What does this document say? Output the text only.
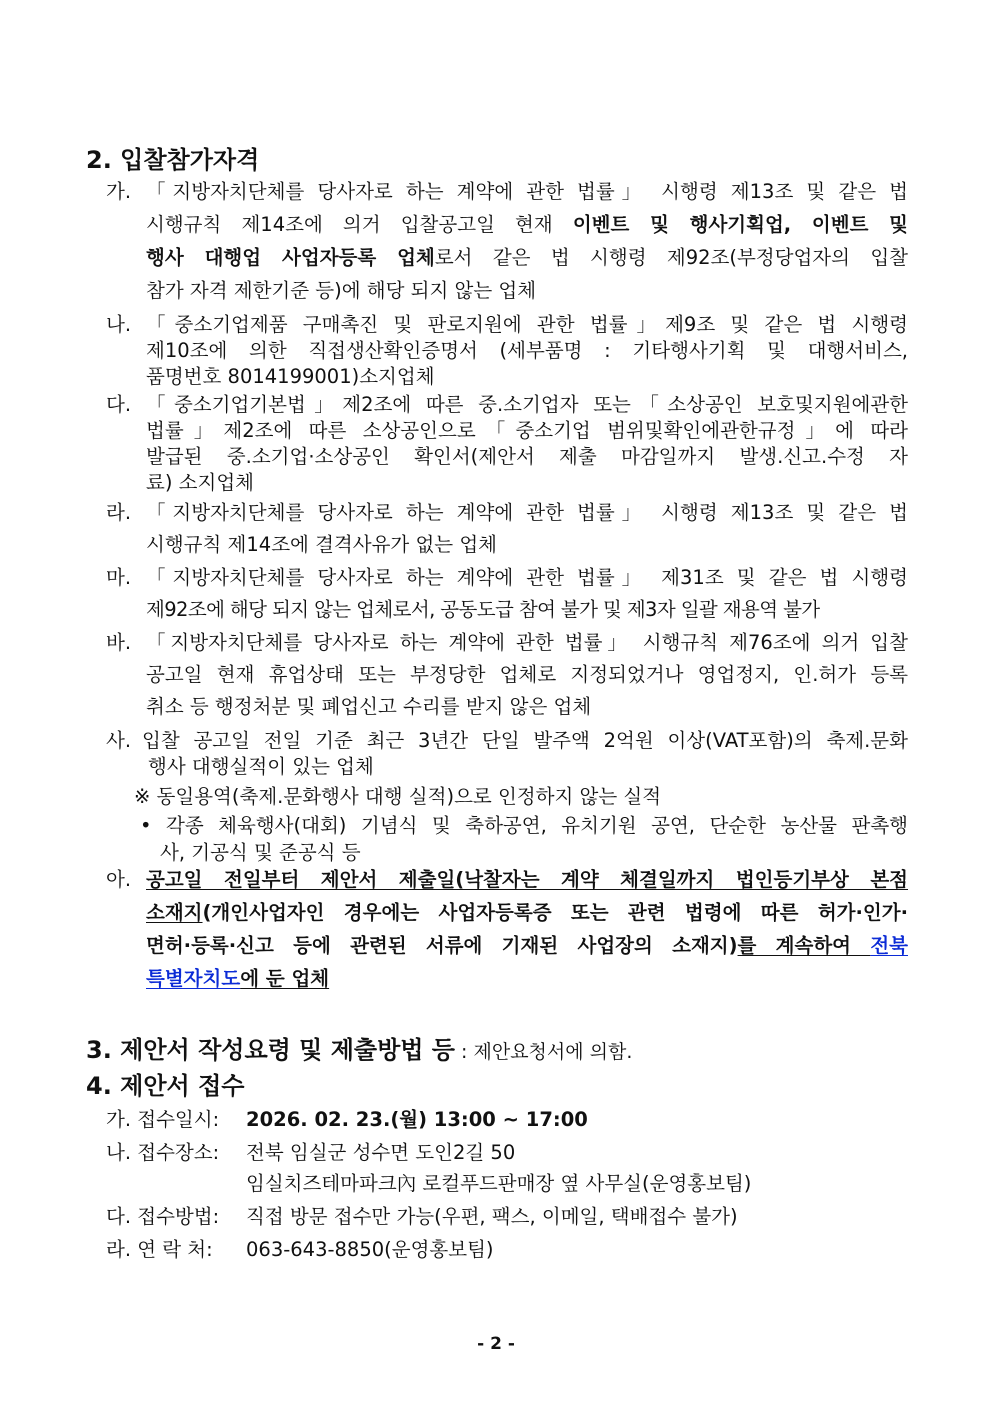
2. 입찰참가자격
가. 「지방자치단체를 당사자로 하는 계약에 관한 법률」 시행령 제13조 및 같은 법
시행규칙 제14조에 의거 입찰공고일 현재 이벤트 및 행사기획업, 이벤트 및
행사 대행업 사업자등록 업체로서 같은 법 시행령 제92조(부정당업자의 입찰
참가 자격 제한기준 등)에 해당 되지 않는 업체
나. 「중소기업제품 구매촉진 및 판로지원에 관한 법률」제9조 및 같은 법 시행령
제10조에 의한 직접생산확인증명서 (세부품명 : 기타행사기획 및 대행서비스,
품명번호 8014199001)소지업체
다. 「중소기업기본법」제2조에 따른 중.소기업자 또는「소상공인 보호및지원에관한
법률」제2조에 따른 소상공인으로「중소기업 범위및확인에관한규정」에 따라
발급된 중.소기업·소상공인 확인서(제안서 제출 마감일까지 발생.신고.수정 자
료) 소지업체
라. 「지방자치단체를 당사자로 하는 계약에 관한 법률」 시행령 제13조 및 같은 법
시행규칙 제14조에 결격사유가 없는 업체
마. 「지방자치단체를 당사자로 하는 계약에 관한 법률」 제31조 및 같은 법 시행령
제92조에 해당 되지 않는 업체로서, 공동도급 참여 불가 및 제3자 일괄 재용역 불가
바. 「지방자치단체를 당사자로 하는 계약에 관한 법률」 시행규칙 제76조에 의거 입찰
공고일 현재 휴업상태 또는 부정당한 업체로 지정되었거나 영업정지, 인.허가 등록
취소 등 행정처분 및 폐업신고 수리를 받지 않은 업체
사. 입찰 공고일 전일 기준 최근 3년간 단일 발주액 2억원 이상(VAT포함)의 축제.문화
행사 대행실적이 있는 업체
※ 동일용역(축제.문화행사 대행 실적)으로 인정하지 않는 실적
• 각종 체육행사(대회) 기념식 및 축하공연, 유치기원 공연, 단순한 농산물 판촉행
사, 기공식 및 준공식 등
아. 공고일 전일부터 제안서 제출일(낙찰자는 계약 체결일까지 법인등기부상 본점
소재지(개인사업자인 경우에는 사업자등록증 또는 관련 법령에 따른 허가·인가·
면허·등록·신고 등에 관련된 서류에 기재된 사업장의 소재지)를 계속하여 전북
특별자치도에 둔 업체
3. 제안서 작성요령 및 제출방법 등 : 제안요청서에 의함.
4. 제안서 접수
가. 접수일시: 2026. 02. 23.(월) 13:00 ~ 17:00
나. 접수장소: 전북 임실군 성수면 도인2길 50
임실치즈테마파크內 로컬푸드판매장 옆 사무실(운영홍보팀)
다. 접수방법: 직접 방문 접수만 가능(우편, 팩스, 이메일, 택배접수 불가)
라. 연 락 처: 063-643-8850(운영홍보팀)
- 2 -
